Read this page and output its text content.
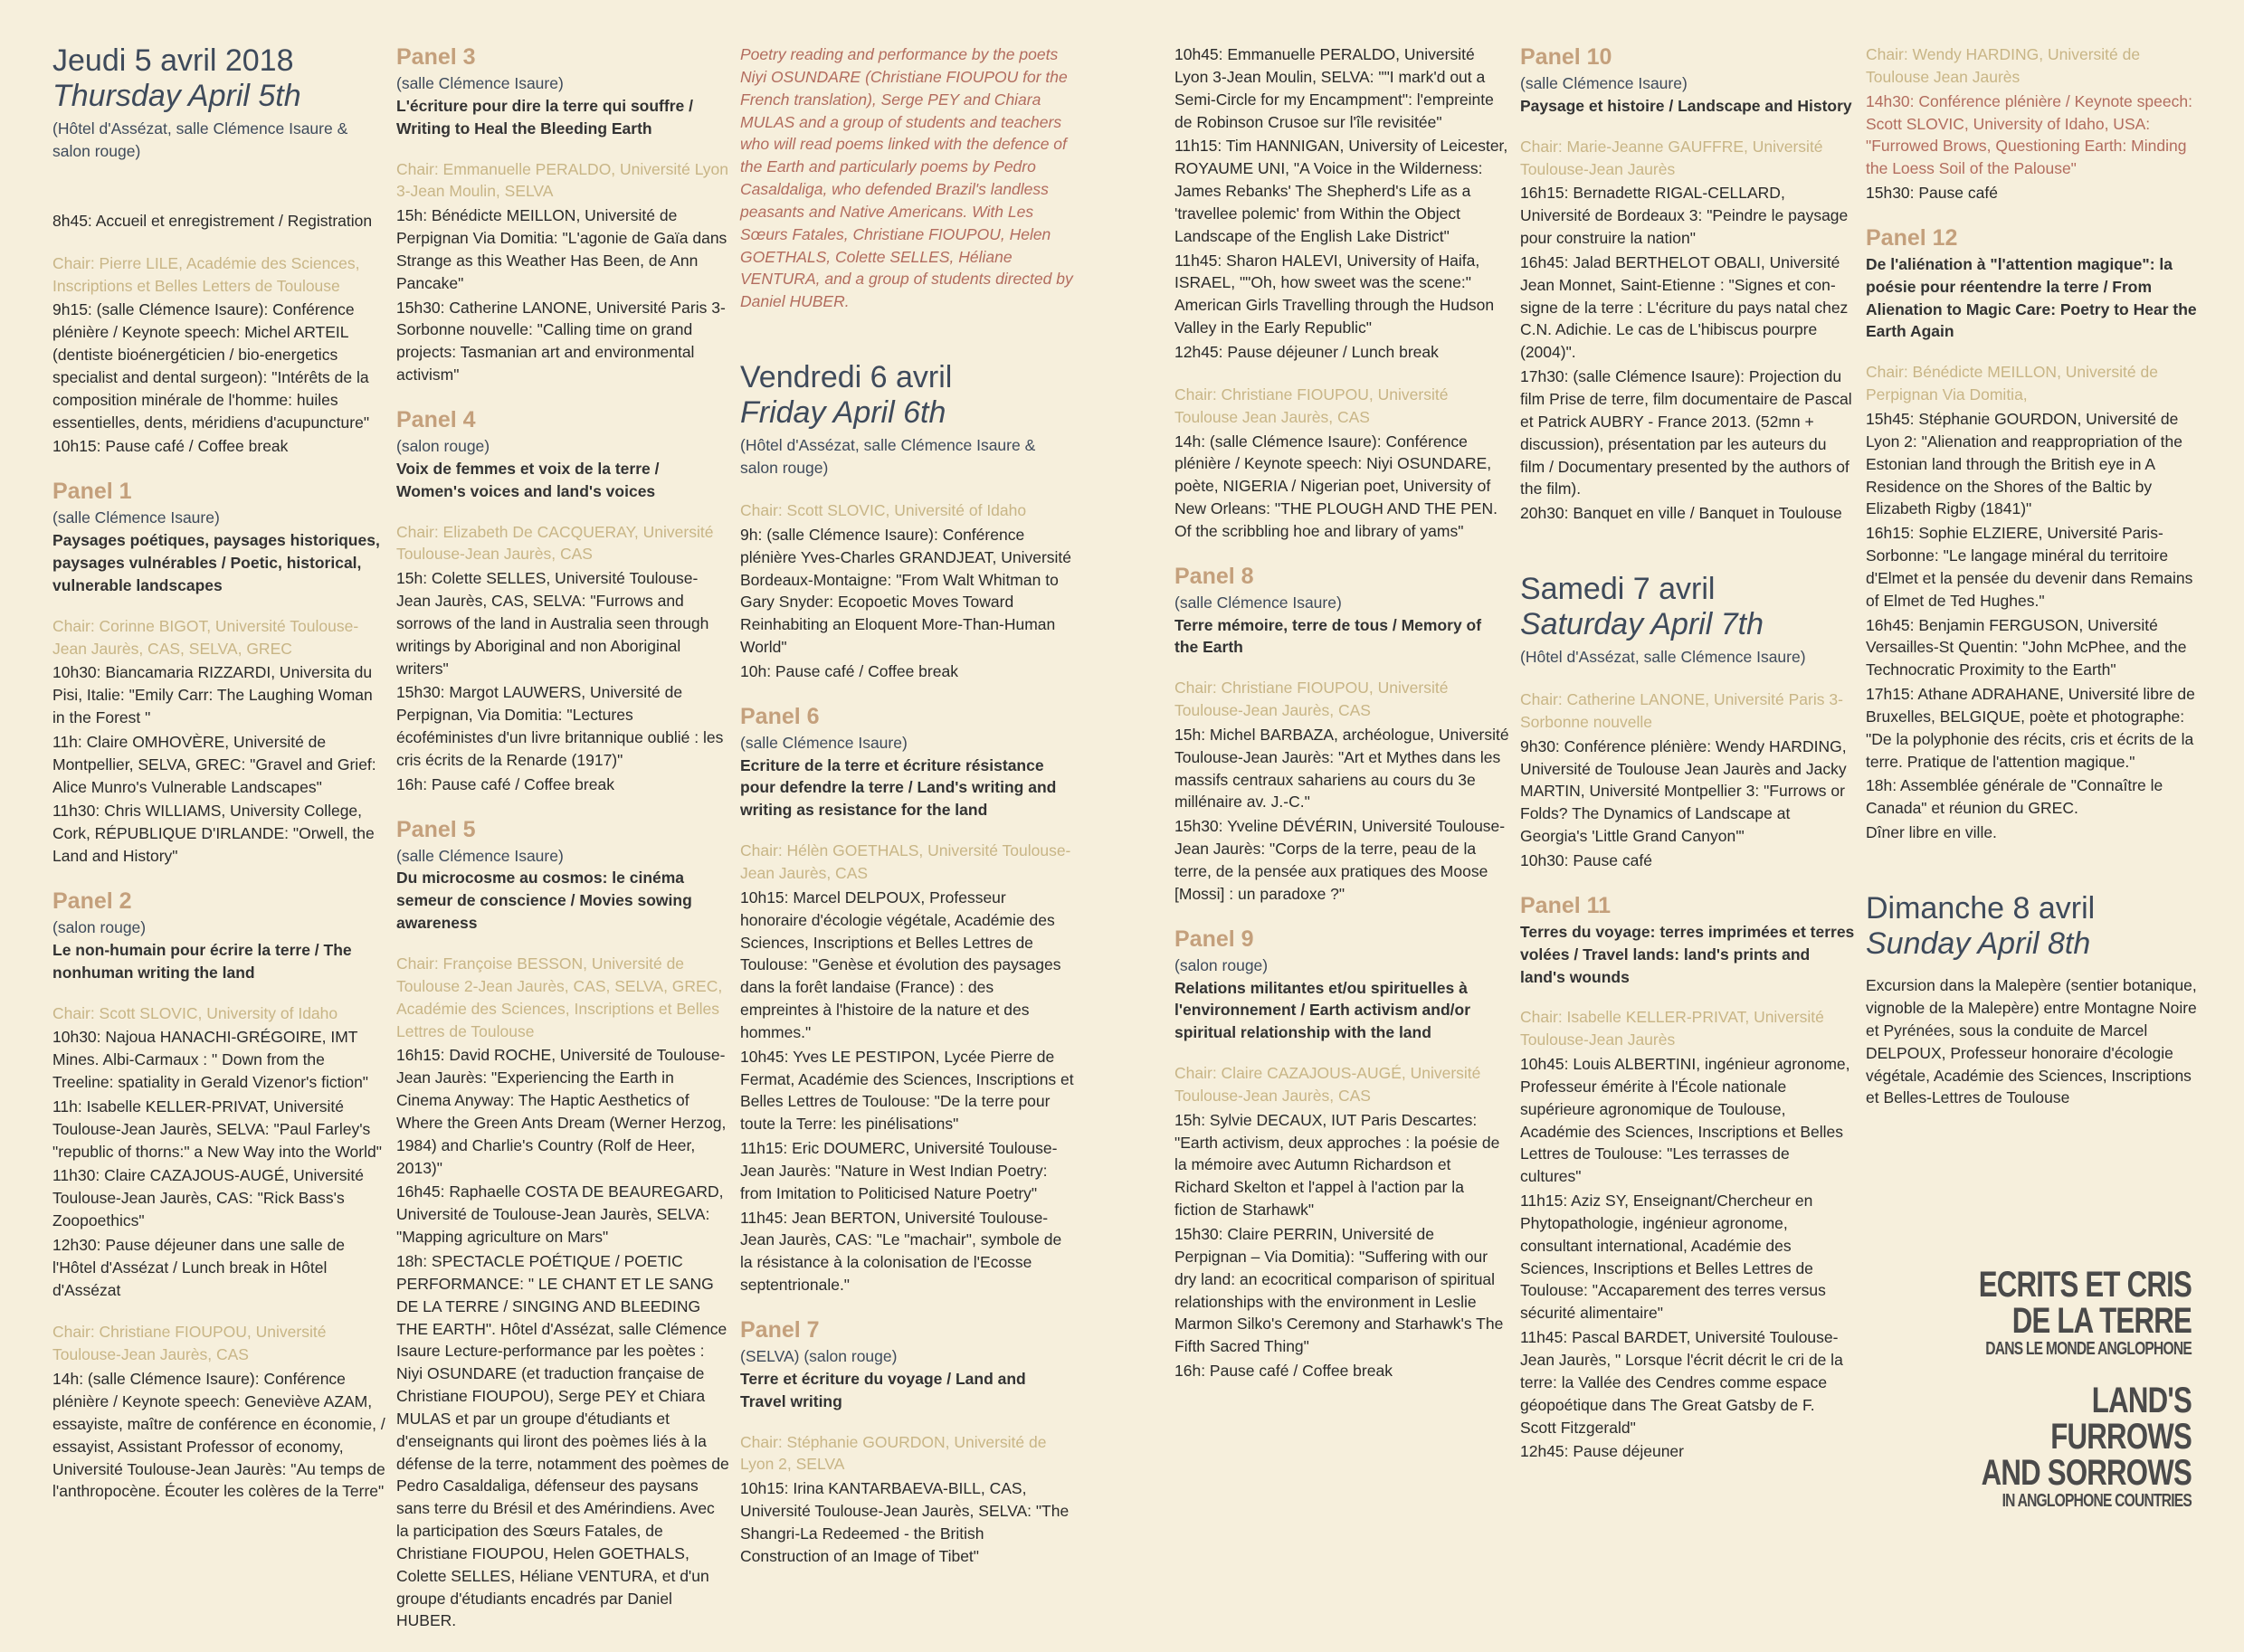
Jeudi 5 avril 2018
Thursday April 5th
(Hôtel d'Assézat, salle Clémence Isaure & salon rouge)
8h45: Accueil et enregistrement / Registration
Chair: Pierre LILE, Académie des Sciences, Inscriptions et Belles Letters de Toulouse
9h15: (salle Clémence Isaure): Conférence plénière / Keynote speech: Michel ARTEIL (dentiste bioénergéticien / bio-energetics specialist and dental surgeon): "Intérêts de la composition minérale de l'homme: huiles essentielles, dents, méridiens d'acupuncture"
10h15: Pause café / Coffee break
Panel 1
(salle Clémence Isaure)
Paysages poétiques, paysages historiques, paysages vulnérables / Poetic, historical, vulnerable landscapes
Chair: Corinne BIGOT, Université Toulouse-Jean Jaurès, CAS, SELVA, GREC
10h30: Biancamaria RIZZARDI, Universita du Pisi, Italie: "Emily Carr: The Laughing Woman in the Forest "
11h: Claire OMHOVÈRE, Université de Montpellier, SELVA, GREC: "Gravel and Grief: Alice Munro's Vulnerable Landscapes"
11h30: Chris WILLIAMS, University College, Cork, RÉPUBLIQUE D'IRLANDE: "Orwell, the Land and History"
Panel 2
(salon rouge)
Le non-humain pour écrire la terre / The nonhuman writing the land
Chair: Scott SLOVIC, University of Idaho
10h30: Najoua HANACHI-GRÉGOIRE, IMT Mines. Albi-Carmaux : " Down from the Treeline: spatiality in Gerald Vizenor's fiction"
11h: Isabelle KELLER-PRIVAT, Université Toulouse-Jean Jaurès, SELVA: "Paul Farley's "republic of thorns:" a New Way into the World"
11h30: Claire CAZAJOUS-AUGÉ, Université Toulouse-Jean Jaurès, CAS: "Rick Bass's Zoopoethics"
12h30: Pause déjeuner dans une salle de l'Hôtel d'Assézat / Lunch break in Hôtel d'Assézat
Chair: Christiane FIOUPOU, Université Toulouse-Jean Jaurès, CAS
14h: (salle Clémence Isaure): Conférence plénière / Keynote speech: Geneviève AZAM, essayiste, maître de conférence en économie, / essayist, Assistant Professor of economy, Université Toulouse-Jean Jaurès: "Au temps de l'anthropocène. Écouter les colères de la Terre"
Panel 3
(salle Clémence Isaure)
L'écriture pour dire la terre qui souffre / Writing to Heal the Bleeding Earth
Chair: Emmanuelle PERALDO, Université Lyon 3-Jean Moulin, SELVA
15h: Bénédicte MEILLON, Université de Perpignan Via Domitia: "L'agonie de Gaïa dans Strange as this Weather Has Been, de Ann Pancake"
15h30: Catherine LANONE, Université Paris 3-Sorbonne nouvelle: "Calling time on grand projects: Tasmanian art and environmental activism"
Panel 4
(salon rouge)
Voix de femmes et voix de la terre / Women's voices and land's voices
Chair: Elizabeth De CACQUERAY, Université Toulouse-Jean Jaurès, CAS
15h: Colette SELLES, Université Toulouse-Jean Jaurès, CAS, SELVA: "Furrows and sorrows of the land in Australia seen through writings by Aboriginal and non Aboriginal writers"
15h30: Margot LAUWERS, Université de Perpignan, Via Domitia: "Lectures écoféministes d'un livre britannique oublié : les cris écrits de la Renarde (1917)"
16h: Pause café / Coffee break
Panel 5
(salle Clémence Isaure)
Du microcosme au cosmos: le cinéma semeur de conscience / Movies sowing awareness
Chair: Françoise BESSON, Université de Toulouse 2-Jean Jaurès, CAS, SELVA, GREC, Académie des Sciences, Inscriptions et Belles Lettres de Toulouse
16h15: David ROCHE, Université de Toulouse-Jean Jaurès: "Experiencing the Earth in Cinema Anyway: The Haptic Aesthetics of Where the Green Ants Dream (Werner Herzog, 1984) and Charlie's Country (Rolf de Heer, 2013)"
16h45: Raphaelle COSTA DE BEAUREGARD, Université de Toulouse-Jean Jaurès, SELVA: "Mapping agriculture on Mars"
18h: SPECTACLE POÉTIQUE / POETIC PERFORMANCE: " LE CHANT ET LE SANG DE LA TERRE / SINGING AND BLEEDING THE EARTH". Hôtel d'Assézat, salle Clémence Isaure Lecture-performance par les poètes : Niyi OSUNDARE (et traduction française de Christiane FIOUPOU), Serge PEY et Chiara MULAS et par un groupe d'étudiants et d'enseignants qui liront des poèmes liés à la défense de la terre, notamment des poèmes de Pedro Casaldaliga, défenseur des paysans sans terre du Brésil et des Amérindiens. Avec la participation des Sœurs Fatales, de Christiane FIOUPOU, Helen GOETHALS, Colette SELLES, Héliane VENTURA, et d'un groupe d'étudiants encadrés par Daniel HUBER.
Poetry reading and performance by the poets Niyi OSUNDARE (Christiane FIOUPOU for the French translation), Serge PEY and Chiara MULAS and a group of students and teachers who will read poems linked with the defence of the Earth and particularly poems by Pedro Casaldaliga, who defended Brazil's landless peasants and Native Americans. With Les Sœurs Fatales, Christiane FIOUPOU, Helen GOETHALS, Colette SELLES, Héliane VENTURA, and a group of students directed by Daniel HUBER.
Vendredi 6 avril
Friday April 6th
(Hôtel d'Assézat, salle Clémence Isaure & salon rouge)
Chair: Scott SLOVIC, Université of Idaho
9h: (salle Clémence Isaure): Conférence plénière Yves-Charles GRANDJEAT, Université Bordeaux-Montaigne: "From Walt Whitman to Gary Snyder: Ecopoetic Moves Toward Reinhabiting an Eloquent More-Than-Human World"
10h: Pause café / Coffee break
Panel 6
(salle Clémence Isaure)
Ecriture de la terre et écriture résistance pour defendre la terre / Land's writing and writing as resistance for the land
Chair: Hélèn GOETHALS, Université Toulouse-Jean Jaurès, CAS
10h15: Marcel DELPOUX, Professeur honoraire d'écologie végétale, Académie des Sciences, Inscriptions et Belles Lettres de Toulouse: "Genèse et évolution des paysages dans la forêt landaise (France) : des empreintes à l'histoire de la nature et des hommes."
10h45: Yves LE PESTIPON, Lycée Pierre de Fermat, Académie des Sciences, Inscriptions et Belles Lettres de Toulouse: "De la terre pour toute la Terre: les pinélisations"
11h15: Eric DOUMERC, Université Toulouse-Jean Jaurès: "Nature in West Indian Poetry: from Imitation to Politicised Nature Poetry"
11h45: Jean BERTON, Université Toulouse-Jean Jaurès, CAS: "Le "machair", symbole de la résistance à la colonisation de l'Ecosse septentrionale."
Panel 7
(SELVA) (salon rouge)
Terre et écriture du voyage / Land and Travel writing
Chair: Stéphanie GOURDON, Université de Lyon 2, SELVA
10h15: Irina KANTARBAEVA-BILL, CAS, Université Toulouse-Jean Jaurès, SELVA: "The Shangri-La Redeemed - the British Construction of an Image of Tibet"
10h45: Emmanuelle PERALDO, Université Lyon 3-Jean Moulin, SELVA: ""I mark'd out a Semi-Circle for my Encampment": l'empreinte de Robinson Crusoe sur l'île revisitée"
11h15: Tim HANNIGAN, University of Leicester, ROYAUME UNI, "A Voice in the Wilderness: James Rebanks' The Shepherd's Life as a 'travellee polemic' from Within the Object Landscape of the English Lake District"
11h45: Sharon HALEVI, University of Haifa, ISRAEL, ""Oh, how sweet was the scene:" American Girls Travelling through the Hudson Valley in the Early Republic"
12h45: Pause déjeuner / Lunch break
Chair: Christiane FIOUPOU, Université Toulouse Jean Jaurès, CAS
14h: (salle Clémence Isaure): Conférence plénière / Keynote speech: Niyi OSUNDARE, poète, NIGERIA / Nigerian poet, University of New Orleans: "THE PLOUGH AND THE PEN. Of the scribbling hoe and library of yams"
Panel 8
(salle Clémence Isaure)
Terre mémoire, terre de tous / Memory of the Earth
Chair: Christiane FIOUPOU, Université Toulouse-Jean Jaurès, CAS
15h: Michel BARBAZA, archéologue, Université Toulouse-Jean Jaurès: "Art et Mythes dans les massifs centraux sahariens au cours du 3e millénaire av. J.-C."
15h30: Yveline DÉVÉRIN, Université Toulouse-Jean Jaurès: "Corps de la terre, peau de la terre, de la pensée aux pratiques des Moose [Mossi] : un paradoxe ?"
Panel 9
(salon rouge)
Relations militantes et/ou spirituelles à l'environnement / Earth activism and/or spiritual relationship with the land
Chair: Claire CAZAJOUS-AUGÉ, Université Toulouse-Jean Jaurès, CAS
15h: Sylvie DECAUX, IUT Paris Descartes: "Earth activism, deux approches : la poésie de la mémoire avec Autumn Richardson et Richard Skelton et l'appel à l'action par la fiction de Starhawk"
15h30: Claire PERRIN, Université de Perpignan – Via Domitia): "Suffering with our dry land: an ecocritical comparison of spiritual relationships with the environment in Leslie Marmon Silko's Ceremony and Starhawk's The Fifth Sacred Thing"
16h: Pause café / Coffee break
Panel 10
(salle Clémence Isaure)
Paysage et histoire / Landscape and History
Chair: Marie-Jeanne GAUFFRE, Université Toulouse-Jean Jaurès
16h15: Bernadette RIGAL-CELLARD, Université de Bordeaux 3: "Peindre le paysage pour construire la nation"
16h45: Jalad BERTHELOT OBALI, Université Jean Monnet, Saint-Etienne : "Signes et con-signe de la terre : L'écriture du pays natal chez C.N. Adichie. Le cas de L'hibiscus pourpre (2004)".
17h30: (salle Clémence Isaure): Projection du film Prise de terre, film documentaire de Pascal et Patrick AUBRY - France 2013. (52mn + discussion), présentation par les auteurs du film / Documentary presented by the authors of the film).
20h30: Banquet en ville / Banquet in Toulouse
Samedi 7 avril
Saturday April 7th
(Hôtel d'Assézat, salle Clémence Isaure)
Chair: Catherine LANONE, Université Paris 3-Sorbonne nouvelle
9h30: Conférence plénière: Wendy HARDING, Université de Toulouse Jean Jaurès and Jacky MARTIN, Université Montpellier 3: "Furrows or Folds? The Dynamics of Landscape at Georgia's 'Little Grand Canyon'"
10h30: Pause café
Panel 11
Terres du voyage: terres imprimées et terres volées / Travel lands: land's prints and land's wounds
Chair: Isabelle KELLER-PRIVAT, Université Toulouse-Jean Jaurès
10h45: Louis ALBERTINI, ingénieur agronome, Professeur émérite à l'École nationale supérieure agronomique de Toulouse, Académie des Sciences, Inscriptions et Belles Lettres de Toulouse: "Les terrasses de cultures"
11h15: Aziz SY, Enseignant/Chercheur en Phytopathologie, ingénieur agronome, consultant international, Académie des Sciences, Inscriptions et Belles Lettres de Toulouse: "Accaparement des terres versus sécurité alimentaire"
11h45: Pascal BARDET, Université Toulouse-Jean Jaurès, " Lorsque l'écrit décrit le cri de la terre: la Vallée des Cendres comme espace géopoétique dans The Great Gatsby de F. Scott Fitzgerald"
12h45: Pause déjeuner
Chair: Wendy HARDING, Université de Toulouse Jean Jaurès
14h30: Conférence plénière / Keynote speech: Scott SLOVIC, University of Idaho, USA: "Furrowed Brows, Questioning Earth: Minding the Loess Soil of the Palouse"
15h30: Pause café
Panel 12
De l'aliénation à "l'attention magique": la poésie pour réentendre la terre / From Alienation to Magic Care: Poetry to Hear the Earth Again
Chair: Bénédicte MEILLON, Université de Perpignan Via Domitia,
15h45: Stéphanie GOURDON, Université de Lyon 2: "Alienation and reappropriation of the Estonian land through the British eye in A Residence on the Shores of the Baltic by Elizabeth Rigby (1841)"
16h15: Sophie ELZIERE, Université Paris-Sorbonne: "Le langage minéral du territoire d'Elmet et la pensée du devenir dans Remains of Elmet de Ted Hughes."
16h45: Benjamin FERGUSON, Université Versailles-St Quentin: "John McPhee, and the Technocratic Proximity to the Earth"
17h15: Athane ADRAHANE, Université libre de Bruxelles, BELGIQUE, poète et photographe: "De la polyphonie des récits, cris et écrits de la terre. Pratique de l'attention magique."
18h: Assemblée générale de "Connaître le Canada" et réunion du GREC.
Dîner libre en ville.
Dimanche 8 avril
Sunday April 8th
Excursion dans la Malepère (sentier botanique, vignoble de la Malepère) entre Montagne Noire et Pyrénées, sous la conduite de Marcel DELPOUX, Professeur honoraire d'écologie végétale, Académie des Sciences, Inscriptions et Belles-Lettres de Toulouse
ECRITS ET CRIS
DE LA TERRE
DANS LE MONDE ANGLOPHONE
LAND'S
FURROWS
AND SORROWS
IN ANGLOPHONE COUNTRIES
